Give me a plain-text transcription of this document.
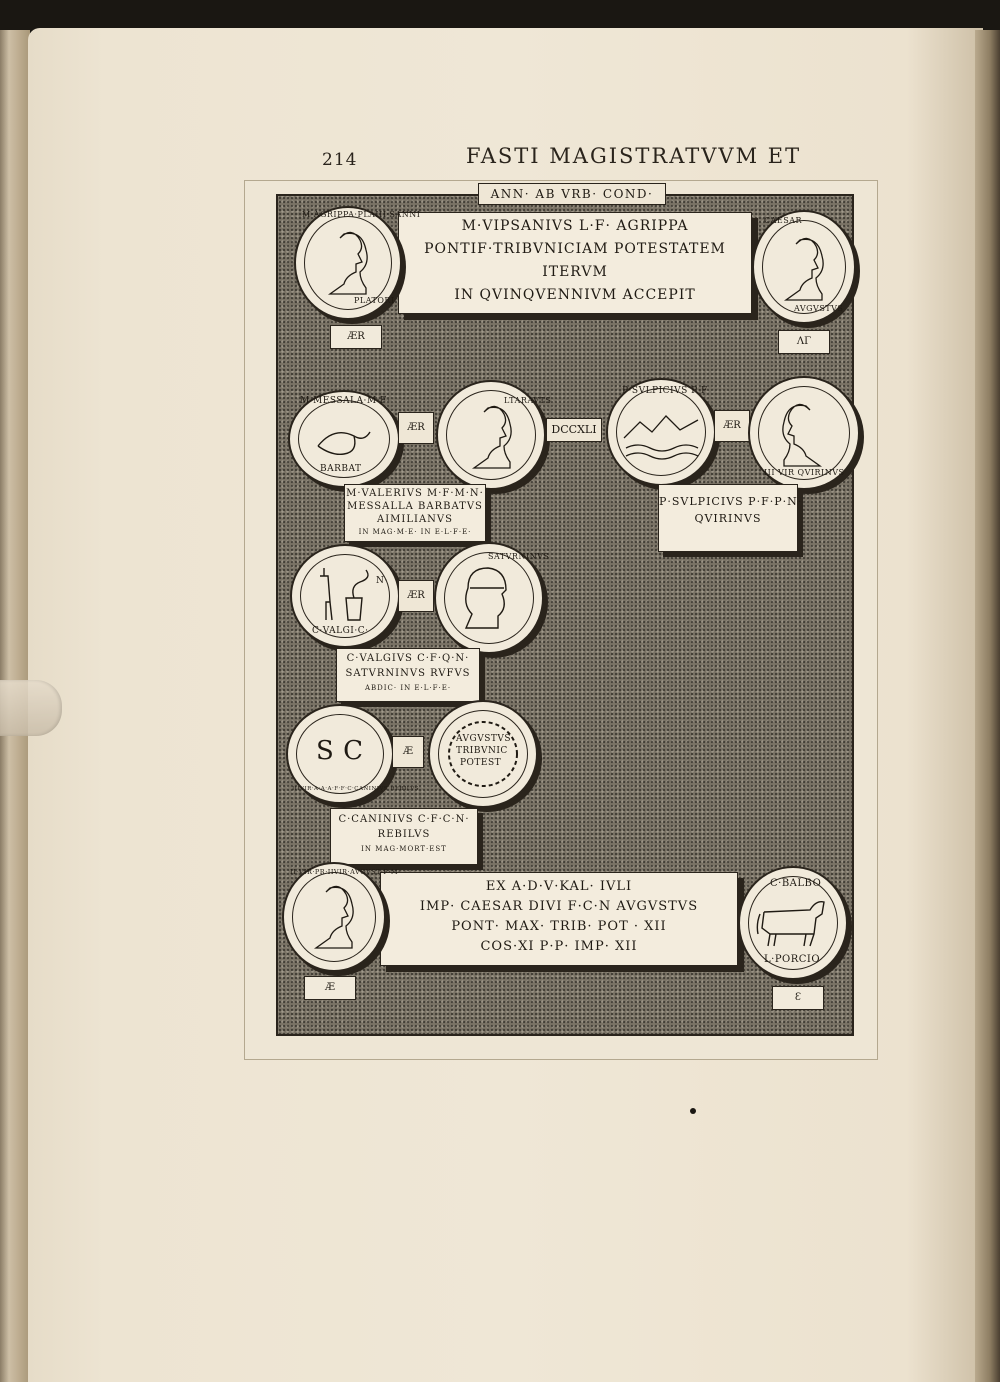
214	FASTI MAGISTRATVVM ET
ANN· AB VRB· COND·
M·VIPSANIVS L·F· AGRIPPA
PONTIF·TRIBVNICIAM POTESTATEM
ITERVM
IN QVINQVENNIVM ACCEPIT
M·AGRIPPA·PLAIII·SANNI
PLATORI
ÆR
CAESAR
AVGVSTVS
ΛΓ
M·MESSALA·M·F·
BARBAT
ÆR
LTARAVTS
M·VALERIVS M·F·M·N·
MESSALLA BARBATVS
AIMILIANVS
IN MAG·M·E· IN E·L·F·E·
DCCXLI
P·SVLPICIVS P·F
ÆR
III VIR QVIRINVS
P·SVLPICIVS P·F·P·N·
QVIRINVS
C·VALGI·C·
N·
ÆR
SATVRNINVS
C·VALGIVS C·F·Q·N·
SATVRNINVS RVFVS
ABDIC· IN E·L·F·E·
S C
IIIVIR·A·A·A·F·F·C·CANINIVS REBILVS
Æ
AVGVSTVS
TRIBVNIC
POTEST
C·CANINIVS C·F·C·N·
REBILVS
IN MAG·MORT·EST
EX A·D·V·KAL· IVLI
IMP· CAESAR DIVI F·C·N AVGVSTVS
PONT· MAX· TRIB· POT · XII
COS·XI P·P· IMP· XII
II·VIR·PR·IIVIR·AVGVST·P·M·
Æ
C·BALBO
L·PORCIO
Ɛ
